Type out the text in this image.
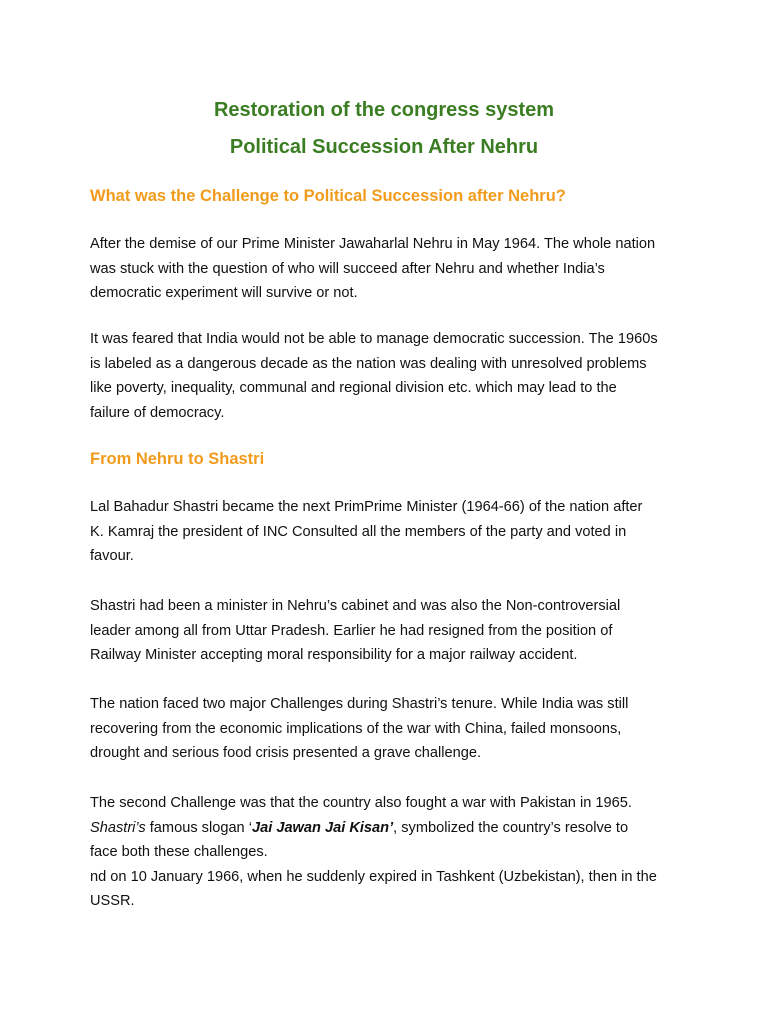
Restoration of the congress system
Political Succession After Nehru
What was the Challenge to Political Succession after Nehru?
After the demise of our Prime Minister Jawaharlal Nehru in May 1964. The whole nation
was stuck with the question of who will succeed after Nehru and whether India’s
democratic experiment will survive or not.
It was feared that India would not be able to manage democratic succession. The 1960s
is labeled as a dangerous decade as the nation was dealing with unresolved problems
like poverty, inequality, communal and regional division etc. which may lead to the
failure of democracy.
From Nehru to Shastri
Lal Bahadur Shastri became the next PrimPrime Minister (1964-66) of the nation after
K. Kamraj the president of INC Consulted all the members of the party and voted in
favour.
Shastri had been a minister in Nehru’s cabinet and was also the Non-controversial
leader among all from Uttar Pradesh. Earlier he had resigned from the position of
Railway Minister accepting moral responsibility for a major railway accident.
The nation faced two major Challenges during Shastri’s tenure. While India was still
recovering from the economic implications of the war with China, failed monsoons,
drought and serious food crisis presented a grave challenge.
The second Challenge was that the country also fought a war with Pakistan in 1965.
Shastri’s famous slogan ‘Jai Jawan Jai Kisan’, symbolized the country’s resolve to
face both these challenges.
nd on 10 January 1966, when he suddenly expired in Tashkent (Uzbekistan), then in the
USSR.
